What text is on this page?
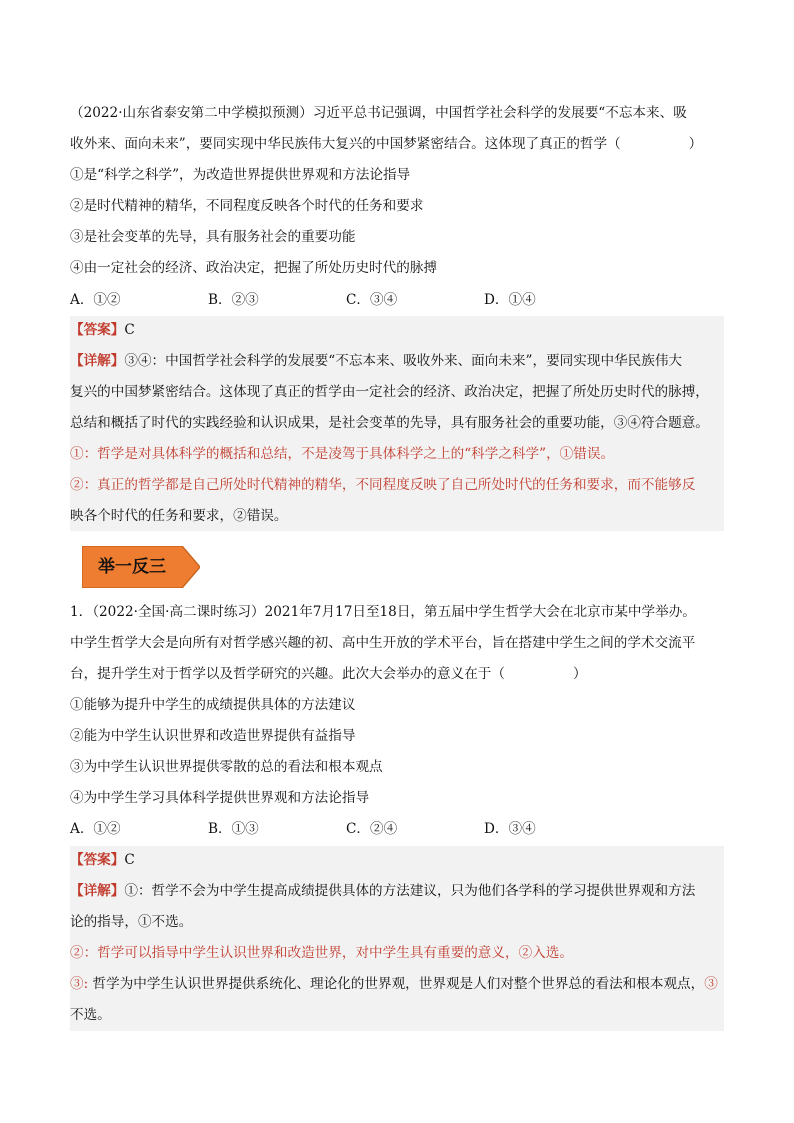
（2022·山东省泰安第二中学模拟预测）习近平总书记强调，中国哲学社会科学的发展要“不忘本来、吸
收外来、面向未来”，要同实现中华民族伟大复兴的中国梦紧密结合。这体现了真正的哲学（　　　　　）
①是“科学之科学”，为改造世界提供世界观和方法论指导
②是时代精神的精华，不同程度反映各个时代的任务和要求
③是社会变革的先导，具有服务社会的重要功能
④由一定社会的经济、政治决定，把握了所处历史时代的脉搏
A．①②	B．②③	C．③④	D．①④
【答案】C
【详解】③④：中国哲学社会科学的发展要“不忘本来、吸收外来、面向未来”，要同实现中华民族伟大
复兴的中国梦紧密结合。这体现了真正的哲学由一定社会的经济、政治决定，把握了所处历史时代的脉搏，
总结和概括了时代的实践经验和认识成果，是社会变革的先导，具有服务社会的重要功能，③④符合题意。
①：哲学是对具体科学的概括和总结，不是凌驾于具体科学之上的“科学之科学”，①错误。
②：真正的哲学都是自己所处时代精神的精华，不同程度反映了自己所处时代的任务和要求，而不能够反
映各个时代的任务和要求，②错误。
举一反三
1．（2022·全国·高二课时练习）2021年7月17日至18日，第五届中学生哲学大会在北京市某中学举办。
中学生哲学大会是向所有对哲学感兴趣的初、高中生开放的学术平台，旨在搭建中学生之间的学术交流平
台，提升学生对于哲学以及哲学研究的兴趣。此次大会举办的意义在于（　　　　　）
①能够为提升中学生的成绩提供具体的方法建议
②能为中学生认识世界和改造世界提供有益指导
③为中学生认识世界提供零散的总的看法和根本观点
④为中学生学习具体科学提供世界观和方法论指导
A．①②	B．①③	C．②④	D．③④
【答案】C
【详解】①：哲学不会为中学生提高成绩提供具体的方法建议，只为他们各学科的学习提供世界观和方法
论的指导，①不选。
②：哲学可以指导中学生认识世界和改造世界，对中学生具有重要的意义，②入选。
③: 哲学为中学生认识世界提供系统化、理论化的世界观，世界观是人们对整个世界总的看法和根本观点，③
不选。
